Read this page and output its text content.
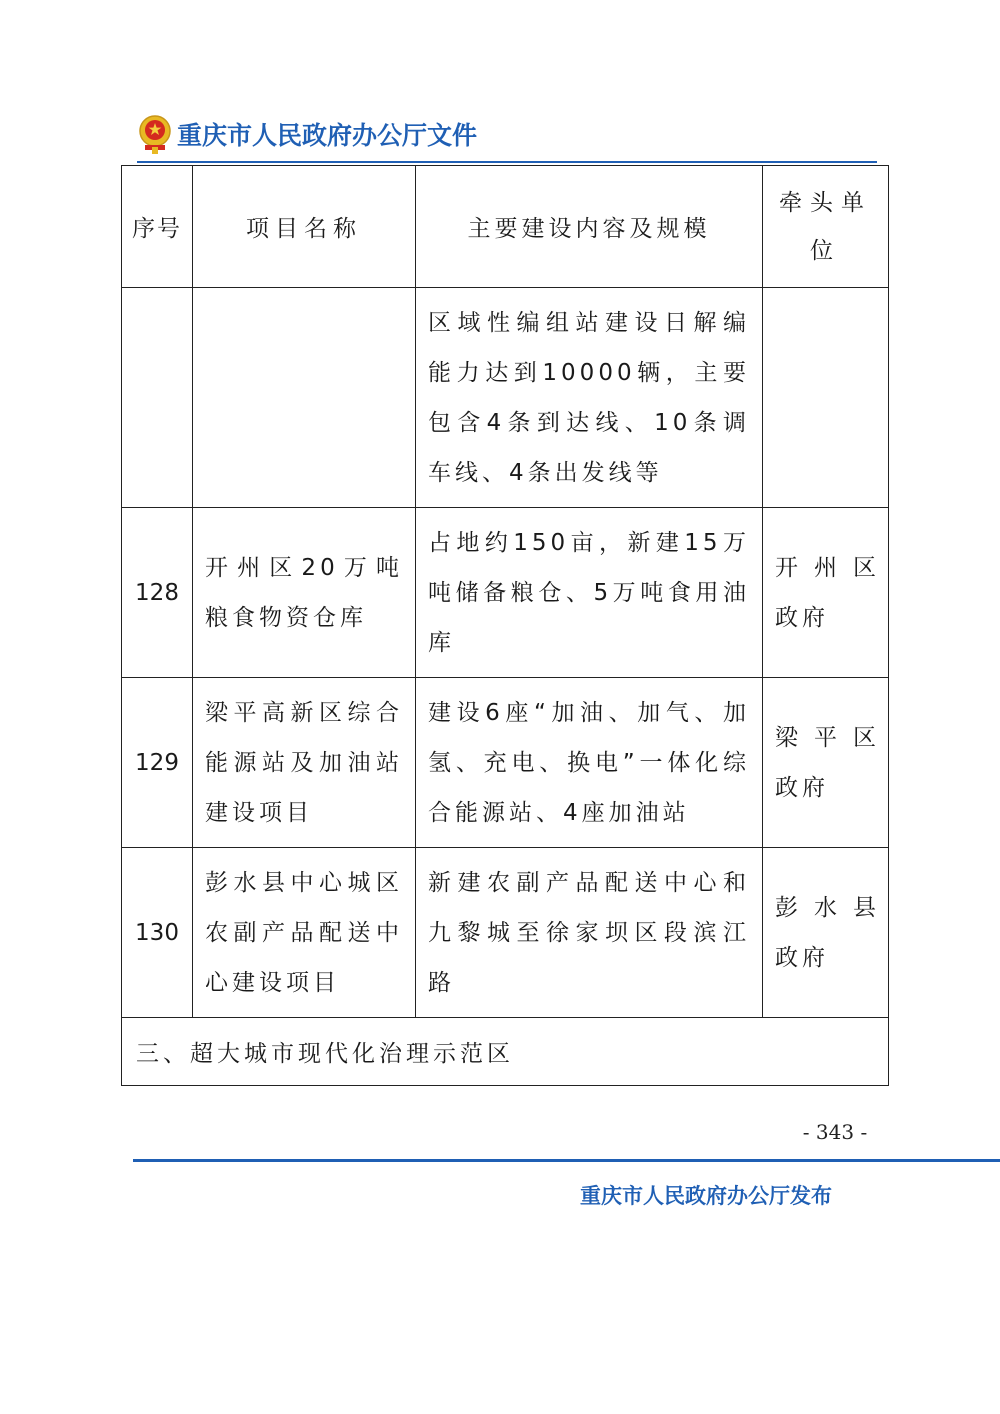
重庆市人民政府办公厅文件
序号	项目名称	主要建设内容及规模	牵头单位
		区域性编组站建设日解编能力达到10000辆，主要包含4条到达线、10条调车线、4条出发线等	

128	开州区20万吨粮食物资仓库	占地约150亩，新建15万吨储备粮仓、5万吨食用油库	开州区
政府

129	梁平高新区综合能源站及加油站建设项目	建设6座“加油、加气、加氢、充电、换电”一体化综合能源站、4座加油站	梁平区
政府

130	彭水县中心城区农副产品配送中心建设项目	新建农副产品配送中心和九黎城至徐家坝区段滨江路	彭水县
政府

三、超大城市现代化治理示范区			
- 343 -
重庆市人民政府办公厅发布
